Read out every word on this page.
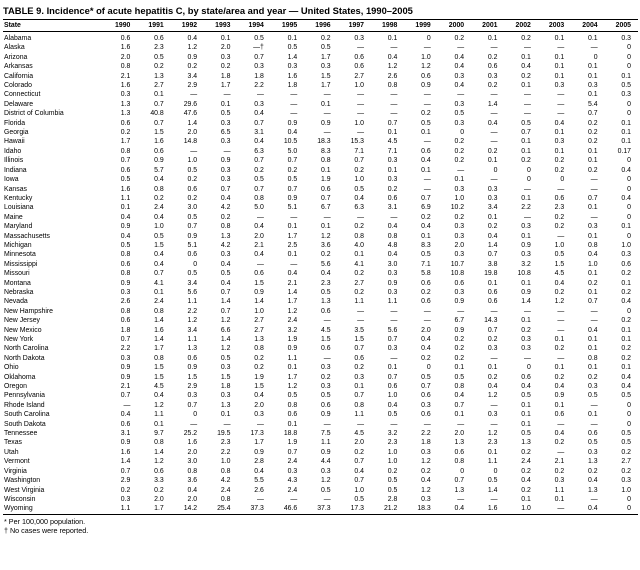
TABLE 9. Incidence* of acute hepatitis C, by state/area and year — United States, 1990–2005
State	1990	1991	1992	1993	1994	1995	1996	1997	1998	1999	2000	2001	2002	2003	2004	2005
Alabama	0.6	0.6	0.4	0.1	0.5	0.1	0.2	0.3	0.1	0	0.2	0.1	0.2	0.1	0.1	0.3
Alaska	1.6	2.3	1.2	2.0	—†	0.5	0.5	—	—	—	—	—	—	—	—	0
Arizona	2.0	0.5	0.9	0.3	0.7	1.4	1.7	0.6	0.4	1.0	0.4	0.2	0.1	0.1	0	0
Arkansas	0.8	0.2	0.2	0.2	0.3	0.3	0.3	0.6	1.2	1.2	0.4	0.6	0.4	0.1	0.1	0
California	2.1	1.3	3.4	1.8	1.8	1.6	1.5	2.7	2.6	0.6	0.3	0.3	0.2	0.1	0.1	0.1
Colorado	1.6	2.7	2.9	1.7	2.2	1.8	1.7	1.0	0.8	0.9	0.4	0.2	0.1	0.3	0.3	0.5
Connecticut	0.3	0.1	—	—	—	—	—	—	—	—	—	—	—	—	0.1	0.3
Delaware	1.3	0.7	29.6	0.1	0.3	—	0.1	—	—	—	0.3	1.4	—	—	5.4	0
District of Columbia	1.3	40.8	47.6	0.5	0.4	—	—	—	—	0.2	0.5	—	—	—	0.7	0
Florida	0.6	0.7	1.4	0.3	0.7	0.9	0.9	1.0	0.7	0.5	0.3	0.4	0.5	0.4	0.2	0.1
Georgia	0.2	1.5	2.0	6.5	3.1	0.4	—	—	0.1	0.1	0	—	0.7	0.1	0.2	0.1
Hawaii	1.7	1.6	14.8	0.3	0.4	10.5	18.3	15.3	4.5	—	0.2	—	0.1	0.3	0.2	0.1
Idaho	0.8	0.6	—	—	6.3	5.0	8.3	7.1	7.1	0.6	0.2	0.2	0.1	0.1	0.1	0.17
Illinois	0.7	0.9	1.0	0.9	0.7	0.7	0.8	0.7	0.3	0.4	0.2	0.1	0.2	0.2	0.1	0
Indiana	0.6	5.7	0.5	0.3	0.2	0.2	0.1	0.2	0.1	0.1	—	0	0	0.2	0.2	0.4
Iowa	0.5	0.4	0.2	0.3	0.5	0.5	1.9	1.0	0.3	—	0.1	—	0	0	—	0
Kansas	1.6	0.8	0.6	0.7	0.7	0.7	0.6	0.5	0.2	—	0.3	0.3	—	—	—	0
Kentucky	1.1	0.2	0.2	0.4	0.8	0.9	0.7	0.4	0.6	0.7	1.0	0.3	0.1	0.6	0.7	0.4
Louisiana	0.1	2.4	3.0	4.2	5.0	5.1	6.7	6.3	3.1	6.9	10.2	3.4	2.2	2.3	0.1	0
Maine	0.4	0.4	0.5	0.2	—	—	—	—	—	0.2	0.2	0.1	—	0.2	—	0
Maryland	0.9	1.0	0.7	0.8	0.4	0.1	0.1	0.2	0.4	0.4	0.3	0.2	0.3	0.2	0.3	0.1
Massachusetts	0.4	0.5	0.9	1.3	2.0	1.7	1.2	0.8	0.8	0.1	0.3	0.4	0.1	—	0.1	0
Michigan	0.5	1.5	5.1	4.2	2.1	2.5	3.6	4.0	4.8	8.3	2.0	1.4	0.9	1.0	0.8	1.0
Minnesota	0.8	0.4	0.6	0.3	0.4	0.1	0.2	0.1	0.4	0.5	0.3	0.7	0.3	0.5	0.4	0.3
Mississippi	0.6	0.4	0	0.4	—	—	5.6	4.1	3.0	7.1	10.7	3.8	3.2	1.5	1.0	0.6
Missouri	0.8	0.7	0.5	0.5	0.6	0.4	0.4	0.2	0.3	5.8	10.8	19.8	10.8	4.5	0.1	0.2
Montana	0.9	4.1	3.4	0.4	1.5	2.1	2.3	2.7	0.9	0.6	0.6	0.1	0.1	0.4	0.2	0.1
Nebraska	0.3	0.1	5.6	0.7	0.9	1.4	0.5	0.2	0.3	0.2	0.3	0.6	0.9	0.2	0.1	0.2
Nevada	2.6	2.4	1.1	1.4	1.4	1.7	1.3	1.1	1.1	0.6	0.9	0.6	1.4	1.2	0.7	0.4
New Hampshire	0.8	0.8	2.2	0.7	1.0	1.2	0.6	—	—	—	—	—	—	—	—	0
New Jersey	0.6	1.4	1.2	1.2	2.7	2.4	—	—	—	—	6.7	14.3	0.1	—	—	0.2
New Mexico	1.8	1.6	3.4	6.6	2.7	3.2	4.5	3.5	5.6	2.0	0.9	0.7	0.2	—	0.4	0.1
New York	0.7	1.4	1.1	1.4	1.3	1.9	1.5	1.5	0.7	0.4	0.2	0.2	0.3	0.1	0.1	0.1
North Carolina	2.2	1.7	1.3	1.2	0.8	0.9	0.6	0.7	0.3	0.4	0.2	0.3	0.3	0.2	0.1	0.2
North Dakota	0.3	0.8	0.6	0.5	0.2	1.1	—	0.6	—	0.2	0.2	—	—	—	0.8	0.2
Ohio	0.9	1.5	0.9	0.3	0.2	0.1	0.3	0.2	0.1	0	0.1	0.1	0	0.1	0.1	0.1
Oklahoma	0.9	1.5	1.5	1.5	1.9	1.7	0.2	0.3	0.7	0.5	0.5	0.2	0.6	0.2	0.2	0.4
Oregon	2.1	4.5	2.9	1.8	1.5	1.2	0.3	0.1	0.6	0.7	0.8	0.4	0.4	0.4	0.3	0.4
Pennsylvania	0.7	0.4	0.3	0.3	0.4	0.5	0.5	0.7	1.0	0.6	0.4	1.2	0.5	0.9	0.5	0.5
Rhode Island	—	1.2	0.7	1.3	2.0	0.8	0.6	0.8	0.4	0.3	0.7	—	0.1	0.1	—	0
South Carolina	0.4	1.1	0	0.1	0.3	0.6	0.9	1.1	0.5	0.6	0.1	0.3	0.1	0.6	0.1	0
South Dakota	0.6	0.1	—	—	—	0.1	—	—	—	—	—	—	0.1	—	—	0
Tennessee	3.1	9.7	25.2	19.5	17.3	18.8	7.5	4.5	3.2	2.2	2.0	1.2	0.5	0.4	0.6	0.5
Texas	0.9	0.8	1.6	2.3	1.7	1.9	1.1	2.0	2.3	1.8	1.3	2.3	1.3	0.2	0.5	0.5
Utah	1.6	1.4	2.0	2.2	0.9	0.7	0.9	0.2	1.0	0.3	0.6	0.1	0.2	—	0.3	0.2
Vermont	1.4	1.2	3.0	1.0	2.8	2.4	4.4	0.7	1.0	1.2	0.8	1.1	2.4	2.1	1.3	2.7
Virginia	0.7	0.6	0.8	0.8	0.4	0.3	0.3	0.4	0.2	0.2	0	0	0.2	0.2	0.2	0.2
Washington	2.9	3.3	3.6	4.2	5.5	4.3	1.2	0.7	0.5	0.4	0.7	0.5	0.4	0.3	0.4	0.3
West Virginia	0.2	0.2	0.4	2.4	2.6	2.4	0.5	1.0	0.5	1.2	1.3	1.4	0.2	1.1	1.3	1.0
Wisconsin	0.3	2.0	2.0	0.8	—	—	—	0.5	2.8	0.3	—	—	0.1	0.1	—	0
Wyoming	1.1	1.7	14.2	25.4	37.3	46.6	37.3	17.3	21.2	18.3	0.4	1.6	1.0	—	0.4	0
* Per 100,000 population.
† No cases were reported.
